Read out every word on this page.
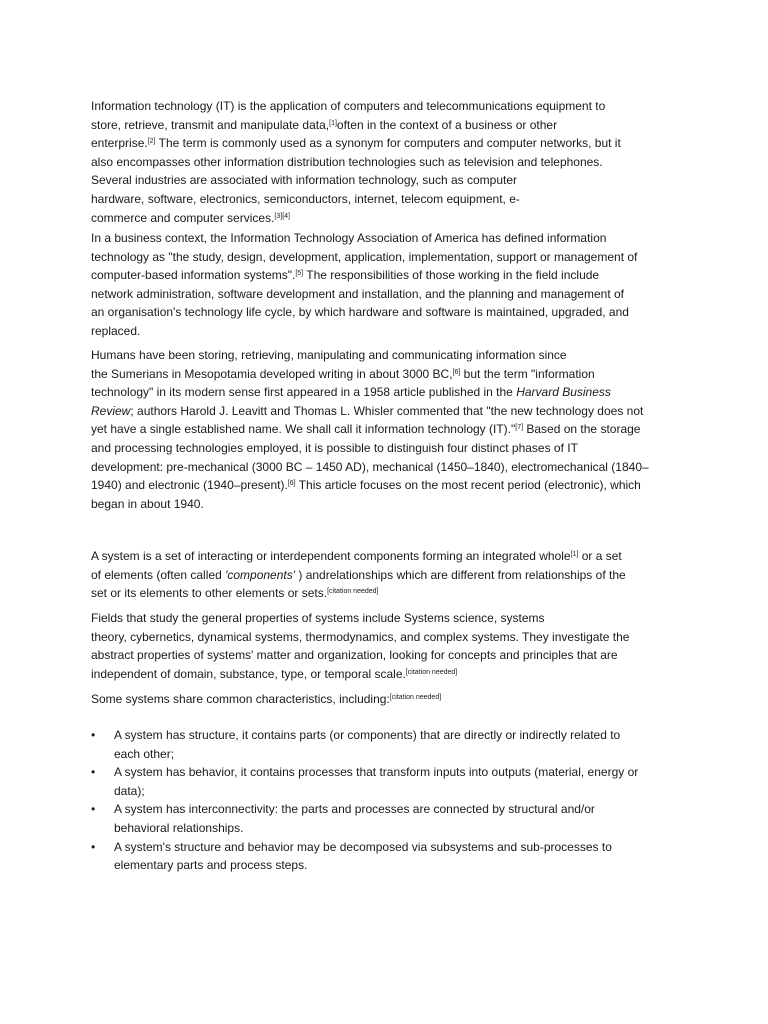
Information technology (IT) is the application of computers and telecommunications equipment to
store, retrieve, transmit and manipulate data,[1]often in the context of a business or other
enterprise.[2] The term is commonly used as a synonym for computers and computer networks, but it
also encompasses other information distribution technologies such as television and telephones.
Several industries are associated with information technology, such as computer
hardware, software, electronics, semiconductors, internet, telecom equipment, e-
commerce and computer services.[3][4]
In a business context, the Information Technology Association of America has defined information
technology as "the study, design, development, application, implementation, support or management of
computer-based information systems".[5] The responsibilities of those working in the field include
network administration, software development and installation, and the planning and management of
an organisation's technology life cycle, by which hardware and software is maintained, upgraded, and
replaced.
Humans have been storing, retrieving, manipulating and communicating information since
the Sumerians in Mesopotamia developed writing in about 3000 BC,[6] but the term "information
technology" in its modern sense first appeared in a 1958 article published in the Harvard Business
Review; authors Harold J. Leavitt and Thomas L. Whisler commented that "the new technology does not
yet have a single established name. We shall call it information technology (IT)."[7] Based on the storage
and processing technologies employed, it is possible to distinguish four distinct phases of IT
development: pre-mechanical (3000 BC – 1450 AD), mechanical (1450–1840), electromechanical (1840–
1940) and electronic (1940–present).[6] This article focuses on the most recent period (electronic), which
began in about 1940.
A system is a set of interacting or interdependent components forming an integrated whole[1] or a set
of elements (often called 'components' ) andrelationships which are different from relationships of the
set or its elements to other elements or sets.[citation needed]
Fields that study the general properties of systems include Systems science, systems
theory, cybernetics, dynamical systems, thermodynamics, and complex systems. They investigate the
abstract properties of systems' matter and organization, looking for concepts and principles that are
independent of domain, substance, type, or temporal scale.[citation needed]
Some systems share common characteristics, including:[citation needed]
• A system has structure, it contains parts (or components) that are directly or indirectly related to
each other;
• A system has behavior, it contains processes that transform inputs into outputs (material, energy or
data);
• A system has interconnectivity: the parts and processes are connected by structural and/or
behavioral relationships.
• A system's structure and behavior may be decomposed via subsystems and sub-processes to
elementary parts and process steps.
